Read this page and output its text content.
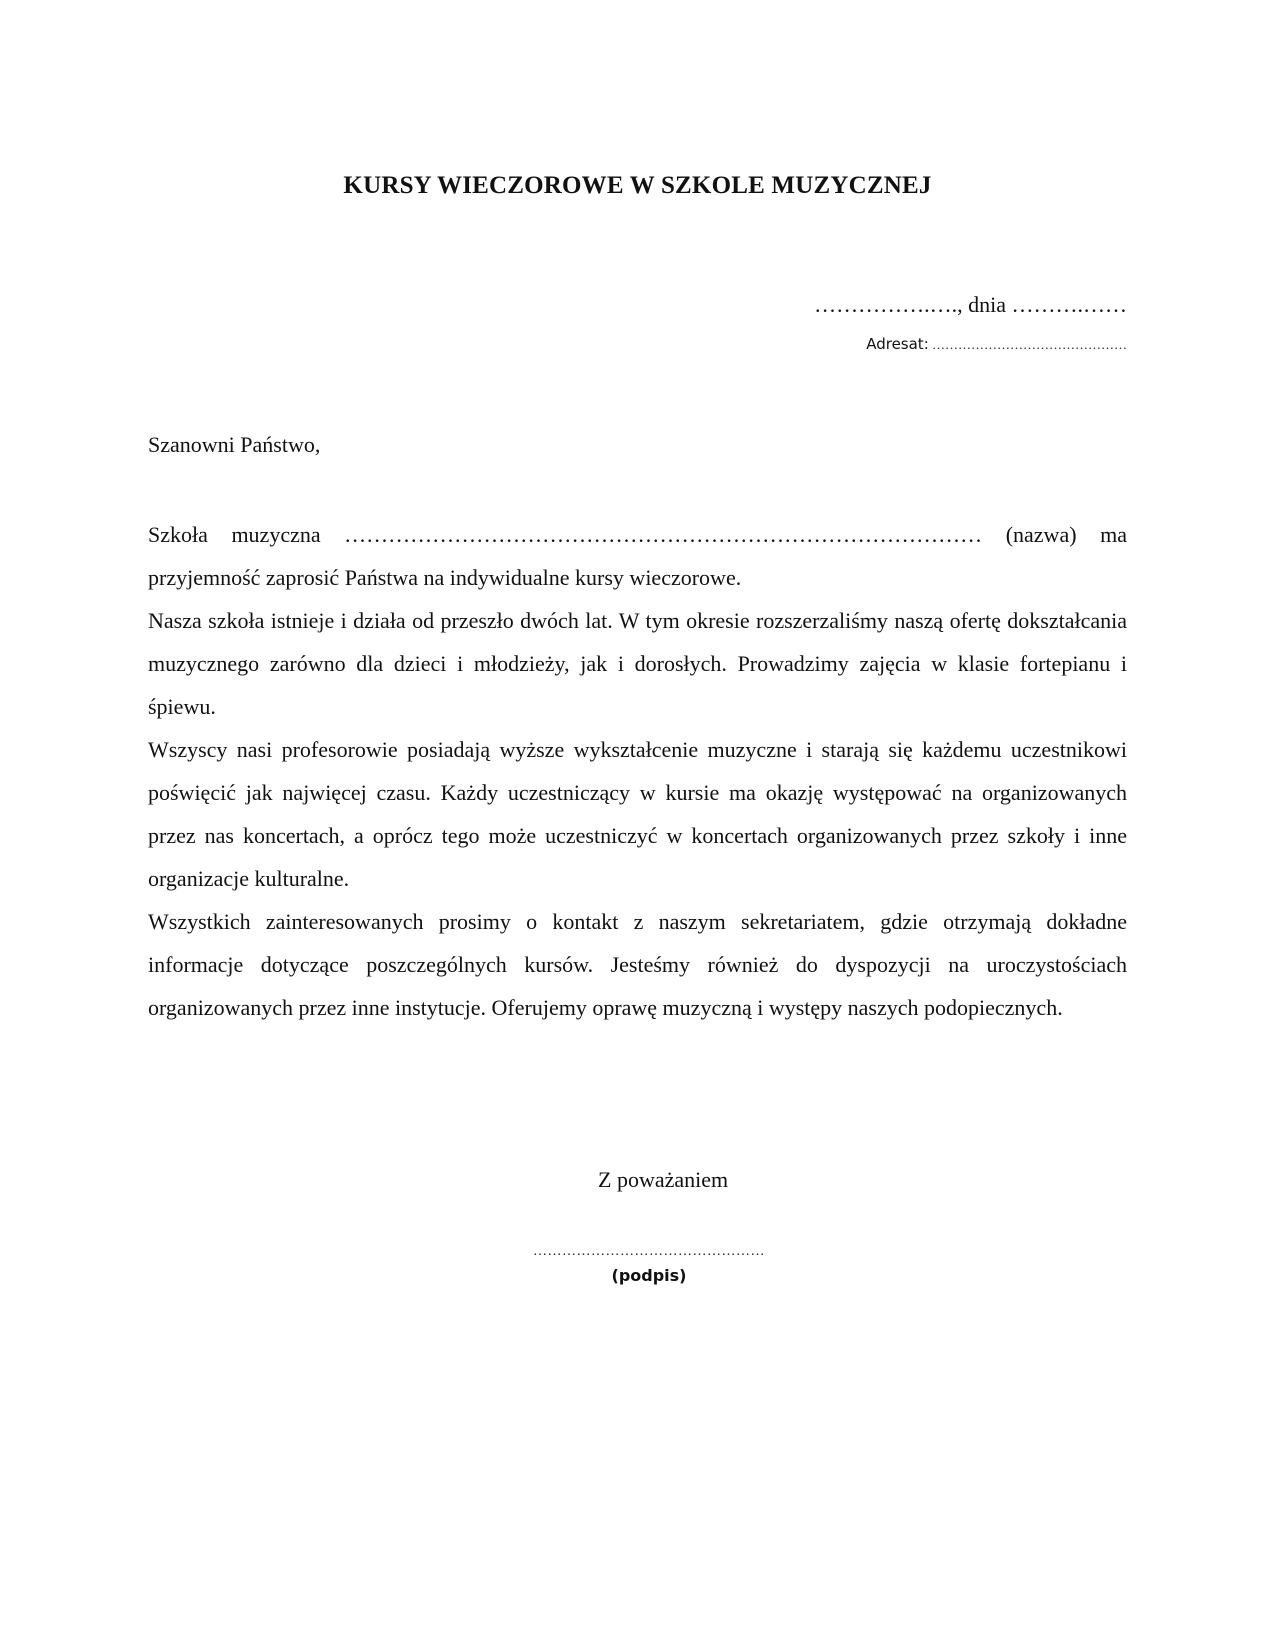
KURSY WIECZOROWE W SZKOLE MUZYCZNEJ
…………….…., dnia ……….……
Adresat: ………………………………………
Szanowni Państwo,
Szkoła muzyczna …………………………………………………………………………… (nazwa) ma

przyjemność zaprosić Państwa na indywidualne kursy wieczorowe.

Nasza szkoła istnieje i działa od przeszło dwóch lat. W tym okresie rozszerzaliśmy naszą ofertę dokształcania muzycznego zarówno dla dzieci i młodzieży, jak i dorosłych. Prowadzimy zajęcia w klasie fortepianu i śpiewu.

Wszyscy nasi profesorowie posiadają wyższe wykształcenie muzyczne i starają się każdemu uczestnikowi poświęcić jak najwięcej czasu. Każdy uczestniczący w kursie ma okazję występować na organizowanych przez nas koncertach, a oprócz tego może uczestniczyć w koncertach organizowanych przez szkoły i inne organizacje kulturalne.

Wszystkich zainteresowanych prosimy o kontakt z naszym sekretariatem, gdzie otrzymają dokładne informacje dotyczące poszczególnych kursów. Jesteśmy również do dyspozycji na uroczystościach organizowanych przez inne instytucje. Oferujemy oprawę muzyczną i występy naszych podopiecznych.

Z poważaniem
…………………………………………
(podpis)
